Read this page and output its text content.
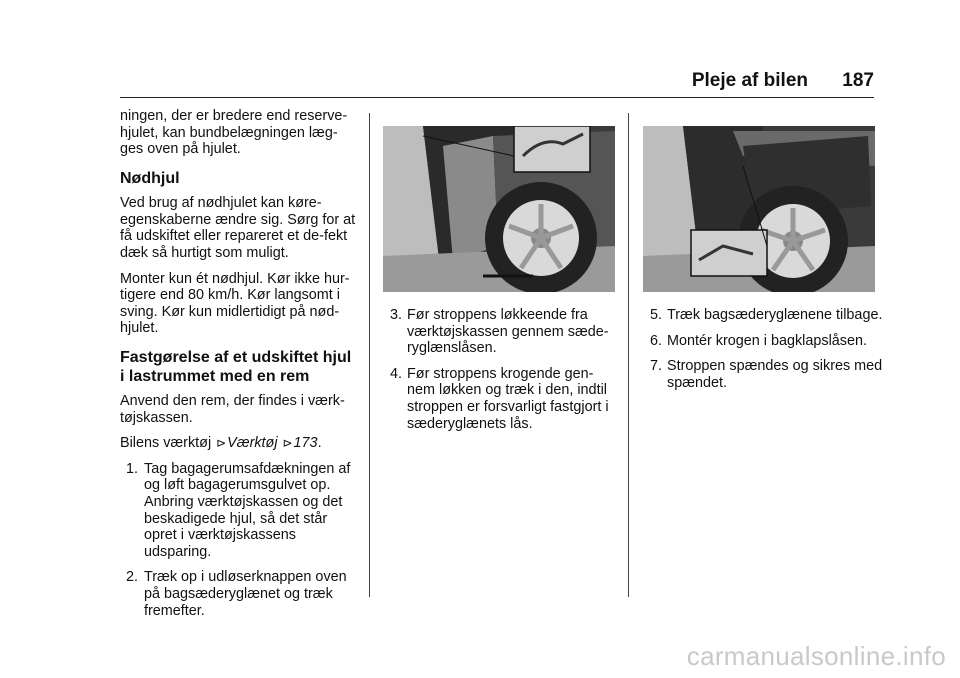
Pleje af bilen 187

ningen, der er bredere end reserve-hjulet, kan bundbelægningen læg-ges oven på hjulet.

Nødhjul

Ved brug af nødhjulet kan køre-egenskaberne ændre sig. Sørg for at få udskiftet eller repareret et de-fekt dæk så hurtigt som muligt.

Monter kun ét nødhjul. Kør ikke hur-tigere end 80 km/h. Kør langsomt i sving. Kør kun midlertidigt på nød-hjulet.

Fastgørelse af et udskiftet hjul i lastrummet med en rem

Anvend den rem, der findes i værk-tøjskassen.

Bilens værktøj ⊳Værktøj ⊳173.

1. Tag bagagerumsafdækningen af og løft bagagerumsgulvet op. Anbring værktøjskassen og det beskadigede hjul, så det står opret i værktøjskassens udsparing.
2. Træk op i udløserknappen oven på bagsæderyglænet og træk fremefter.
3. Før stroppens løkkeende fra værktøjskassen gennem sæde-ryglænslåsen.
4. Før stroppens krogende gen-nem løkken og træk i den, indtil stroppen er forsvarligt fastgjort i sæderyglænets lås.
5. Træk bagsæderyglænene tilbage.
6. Montér krogen i bagklapslåsen.
7. Stroppen spændes og sikres med spændet.
carmanualsonline.info
